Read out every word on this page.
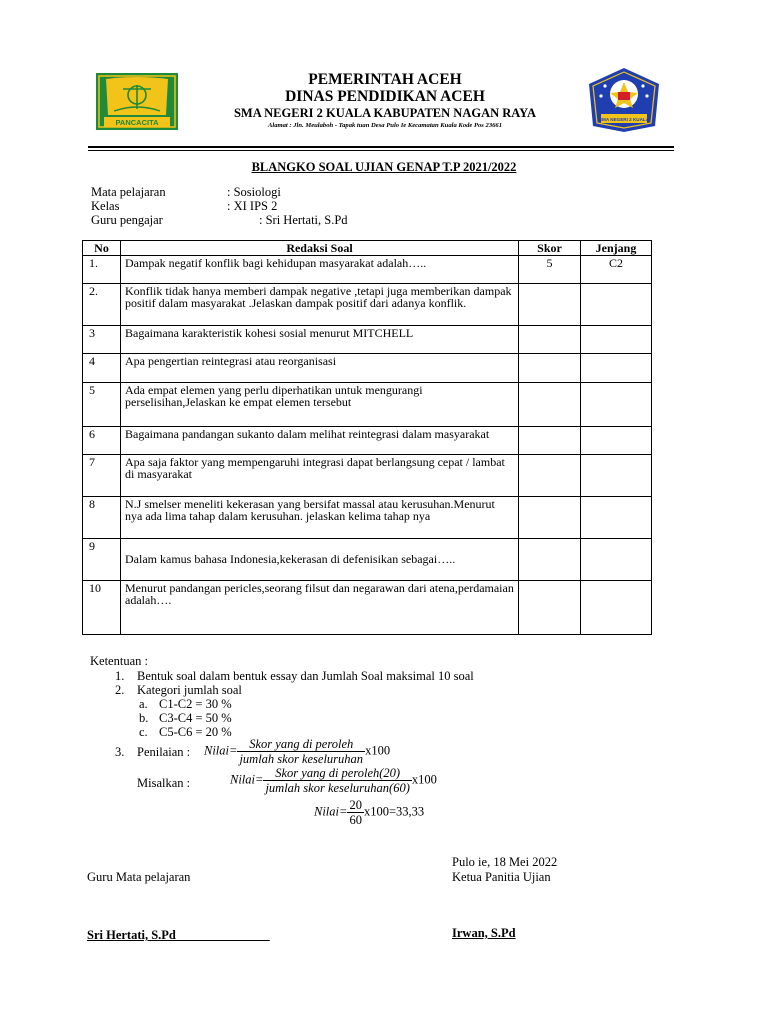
PANCACITA	SMA NEGERI 2 KUALA
PEMERINTAH ACEH
DINAS PENDIDIKAN ACEH
SMA NEGERI 2 KUALA KABUPATEN NAGAN RAYA
Alamat : Jln. Meulaboh - Tapak tuan Desa Pulo Ie Kecamatan Kuala Kode Pos 23661
BLANGKO SOAL UJIAN GENAP T.P 2021/2022
Mata pelajaran	: Sosiologi
Kelas	: XI IPS 2
Guru pengajar	: Sri Hertati, S.Pd
No	Redaksi Soal	Skor	Jenjang
1.	Dampak negatif konflik bagi kehidupan masyarakat adalah…..	5	C2
2.	Konflik tidak hanya memberi dampak negative ,tetapi juga memberikan dampak positif dalam masyarakat .Jelaskan dampak positif dari adanya konflik.		
3	Bagaimana karakteristik kohesi sosial menurut MITCHELL		
4	Apa pengertian reintegrasi atau reorganisasi		
5	Ada empat elemen yang perlu diperhatikan untuk mengurangi perselisihan,Jelaskan ke empat elemen tersebut		
6	Bagaimana pandangan sukanto dalam melihat reintegrasi dalam masyarakat		
7	Apa saja faktor yang mempengaruhi integrasi dapat berlangsung cepat / lambat di masyarakat		
8	N.J smelser meneliti kekerasan yang bersifat massal atau kerusuhan.Menurut nya ada lima tahap dalam kerusuhan. jelaskan kelima tahap nya		
9	Dalam kamus bahasa Indonesia,kekerasan di defenisikan sebagai…..		
10	Menurut pandangan pericles,seorang filsut dan negarawan dari atena,perdamaian adalah….		
Ketentuan :
1. Bentuk soal dalam bentuk essay dan Jumlah Soal maksimal 10 soal
2. Kategori jumlah soal
a. C1-C2 = 30 %
b. C3-C4 = 50 %
c. C5-C6 = 20 %
3. Penilaian : Nilai= $\frac{\text{Skor yang di peroleh}}{\text{jumlah skor keseluruhan}} x100$
Misalkan :	Nilai= $\frac{\text{Skor yang di peroleh(20)}}{\text{jumlah skor keseluruhan(60)}} x100$
Nilai= $\frac{20}{60} x100=33,33$
Pulo ie, 18 Mei 2022
Guru Mata pelajaran	Ketua Panitia Ujian
Sri Hertati, S.Pd_______________	Irwan, S.Pd
